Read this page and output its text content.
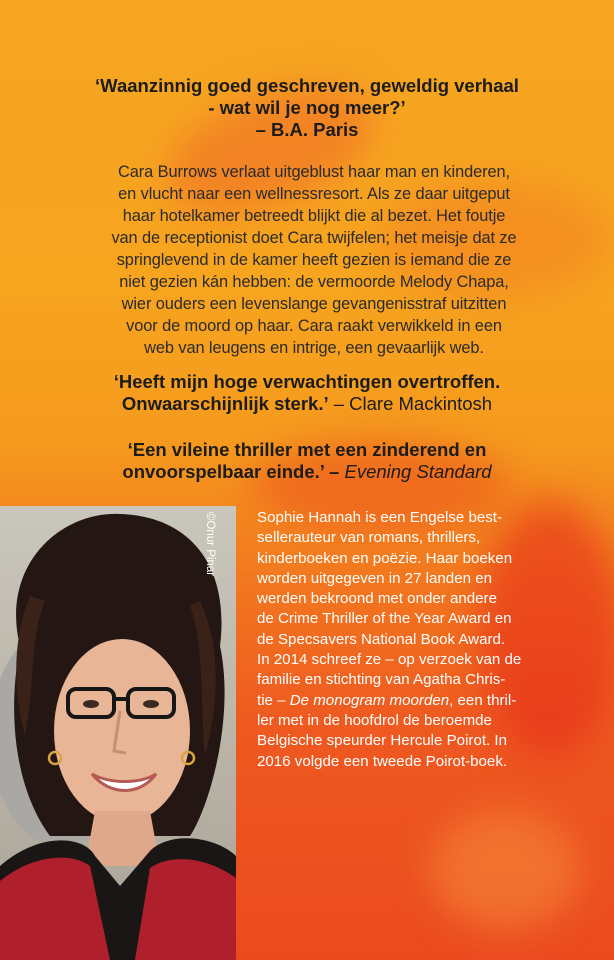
‘Waanzinnig goed geschreven, geweldig verhaal
- wat wil je nog meer?’
– B.A. Paris
Cara Burrows verlaat uitgeblust haar man en kinderen,
en vlucht naar een wellnessresort. Als ze daar uitgeput
haar hotelkamer betreedt blijkt die al bezet. Het foutje
van de receptionist doet Cara twijfelen; het meisje dat ze
springlevend in de kamer heeft gezien is iemand die ze
niet gezien kán hebben: de vermoorde Melody Chapa,
wier ouders een levenslange gevangenisstraf uitzitten
voor de moord op haar. Cara raakt verwikkeld in een
web van leugens en intrige, een gevaarlijk web.
‘Heeft mijn hoge verwachtingen overtroffen.
Onwaarschijnlijk sterk.’ – Clare Mackintosh
‘Een vileine thriller met een zinderend en
onvoorspelbaar einde.’ – Evening Standard
©Onur Pinar	Sophie Hannah is een Engelse best-
sellerauteur van romans, thrillers,
kinderboeken en poëzie. Haar boeken
worden uitgegeven in 27 landen en
werden bekroond met onder andere
de Crime Thriller of the Year Award en
de Specsavers National Book Award.
In 2014 schreef ze – op verzoek van de
familie en stichting van Agatha Chris-
tie – De monogram moorden, een thril-
ler met in de hoofdrol de beroemde
Belgische speurder Hercule Poirot. In
2016 volgde een tweede Poirot-boek.
